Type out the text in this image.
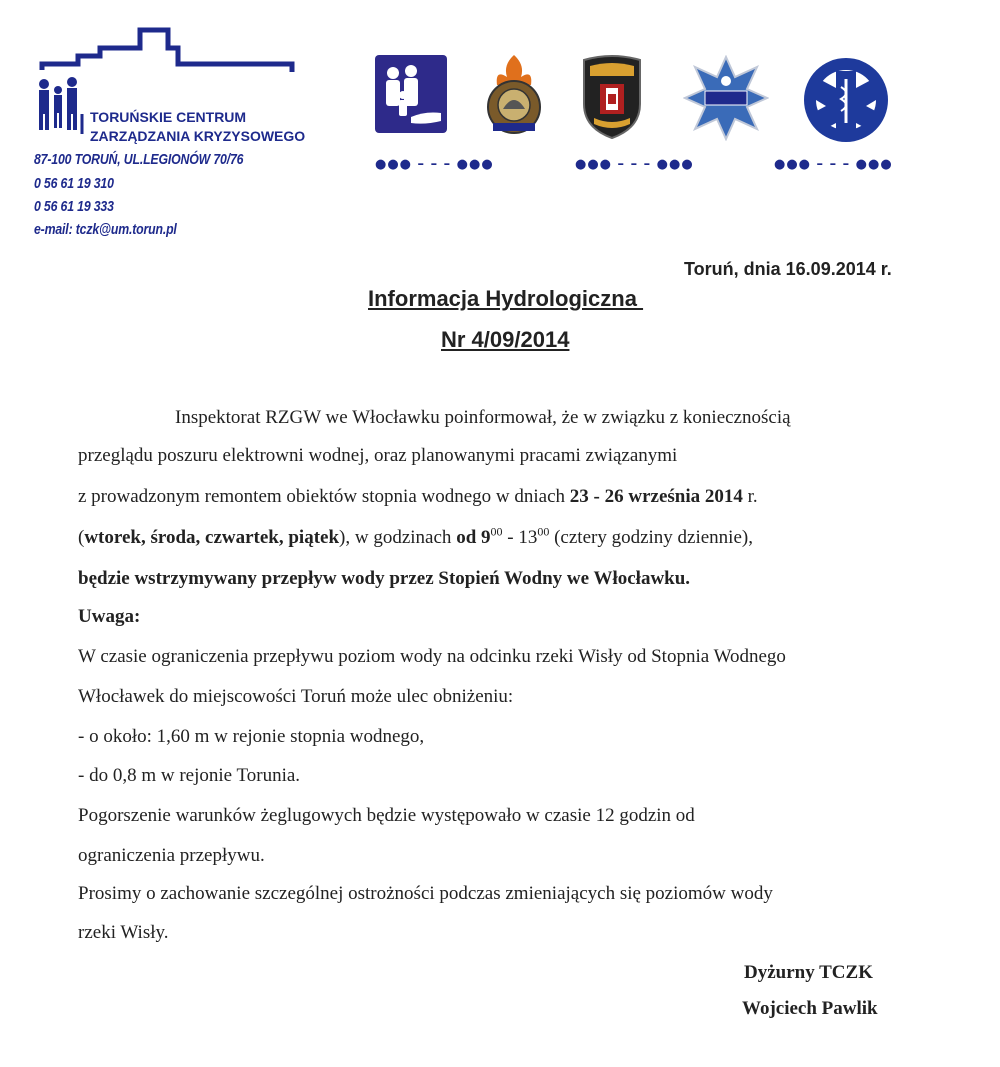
TORUŃSKIE CENTRUM
ZARZĄDZANIA KRYZYSOWEGO
87-100 TORUŃ, UL.LEGIONÓW 70/76
0 56 61 19 310
0 56 61 19 333
e-mail: tczk@um.torun.pl
●●● – – – ●●●	●●● – – – ●●●	●●● – – – ●●●
Toruń, dnia 16.09.2014 r.
Informacja Hydrologiczna
Nr 4/09/2014
Inspektorat RZGW we Włocławku poinformował, że w związku z koniecznością
przeglądu poszuru elektrowni wodnej, oraz planowanymi pracami związanymi
z prowadzonym remontem obiektów stopnia wodnego w dniach 23 - 26 września 2014 r.
(wtorek, środa, czwartek, piątek), w godzinach od $9^{00} - 13^{00}$ (cztery godziny dziennie),
będzie wstrzymywany przepływ wody przez Stopień Wodny we Włocławku.
Uwaga:
W czasie ograniczenia przepływu poziom wody na odcinku rzeki Wisły od Stopnia Wodnego
Włocławek do miejscowości Toruń może ulec obniżeniu:
- o około: 1,60 m w rejonie stopnia wodnego,
- do 0,8 m w rejonie Torunia.
Pogorszenie warunków żeglugowych będzie występowało w czasie 12 godzin od
ograniczenia przepływu.
Prosimy o zachowanie szczególnej ostrożności podczas zmieniających się poziomów wody
rzeki Wisły.
Dyżurny TCZK
Wojciech Pawlik
